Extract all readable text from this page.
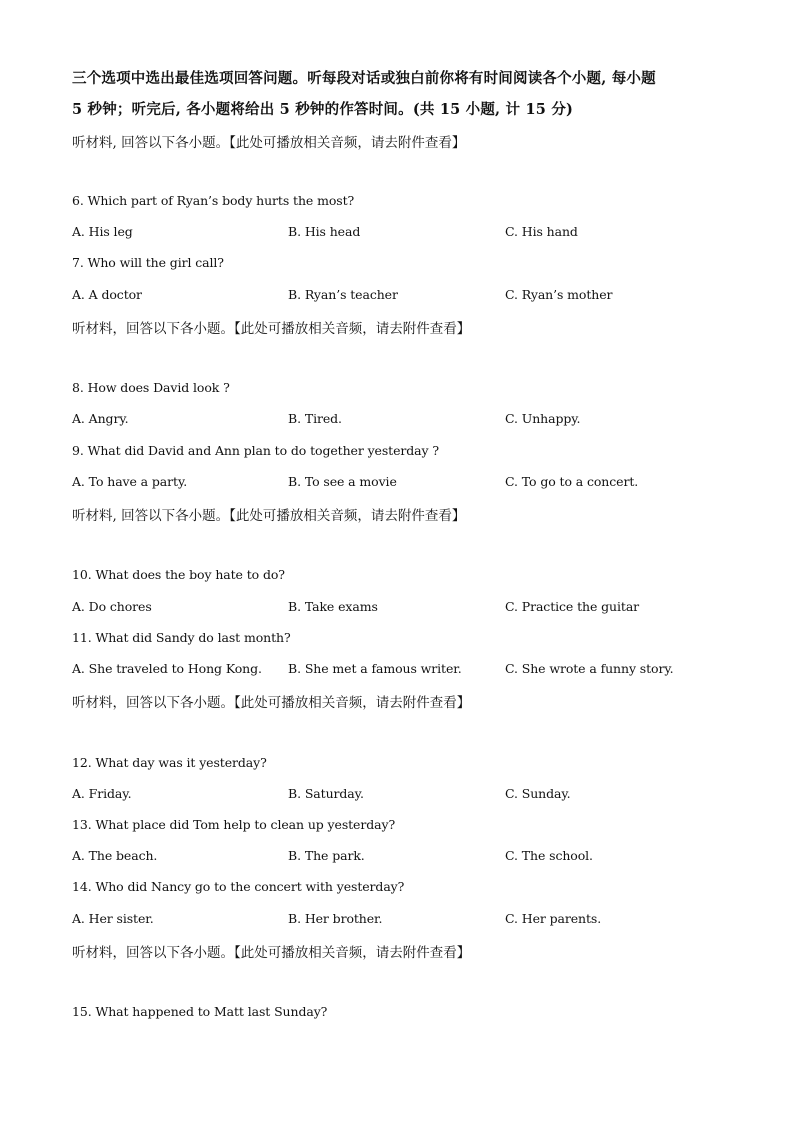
三个选项中选出最佳选项回答问题。听每段对话或独白前你将有时间阅读各个小题, 每小题
5 秒钟；听完后, 各小题将给出 5 秒钟的作答时间。(共 15 小题, 计 15 分)
听材料, 回答以下各小题。【此处可播放相关音频，请去附件查看】
6. Which part of Ryan’s body hurts the most?
A. His leg	B. His head	C. His hand
7. Who will the girl call?
A. A doctor	B. Ryan’s teacher	C. Ryan’s mother
听材料，回答以下各小题。【此处可播放相关音频，请去附件查看】
8. How does David look ?
A. Angry.	B. Tired.	C. Unhappy.
9. What did David and Ann plan to do together yesterday ?
A. To have a party.	B. To see a movie	C. To go to a concert.
听材料, 回答以下各小题。【此处可播放相关音频，请去附件查看】
10. What does the boy hate to do?
A. Do chores	B. Take exams	C. Practice the guitar
11. What did Sandy do last month?
A. She traveled to Hong Kong. B. She met a famous writer.	C. She wrote a funny story.
听材料，回答以下各小题。【此处可播放相关音频，请去附件查看】
12. What day was it yesterday?
A. Friday.	B. Saturday.	C. Sunday.
13. What place did Tom help to clean up yesterday?
A. The beach.	B. The park.	C. The school.
14. Who did Nancy go to the concert with yesterday?
A. Her sister.	B. Her brother.	C. Her parents.
听材料，回答以下各小题。【此处可播放相关音频，请去附件查看】
15. What happened to Matt last Sunday?
